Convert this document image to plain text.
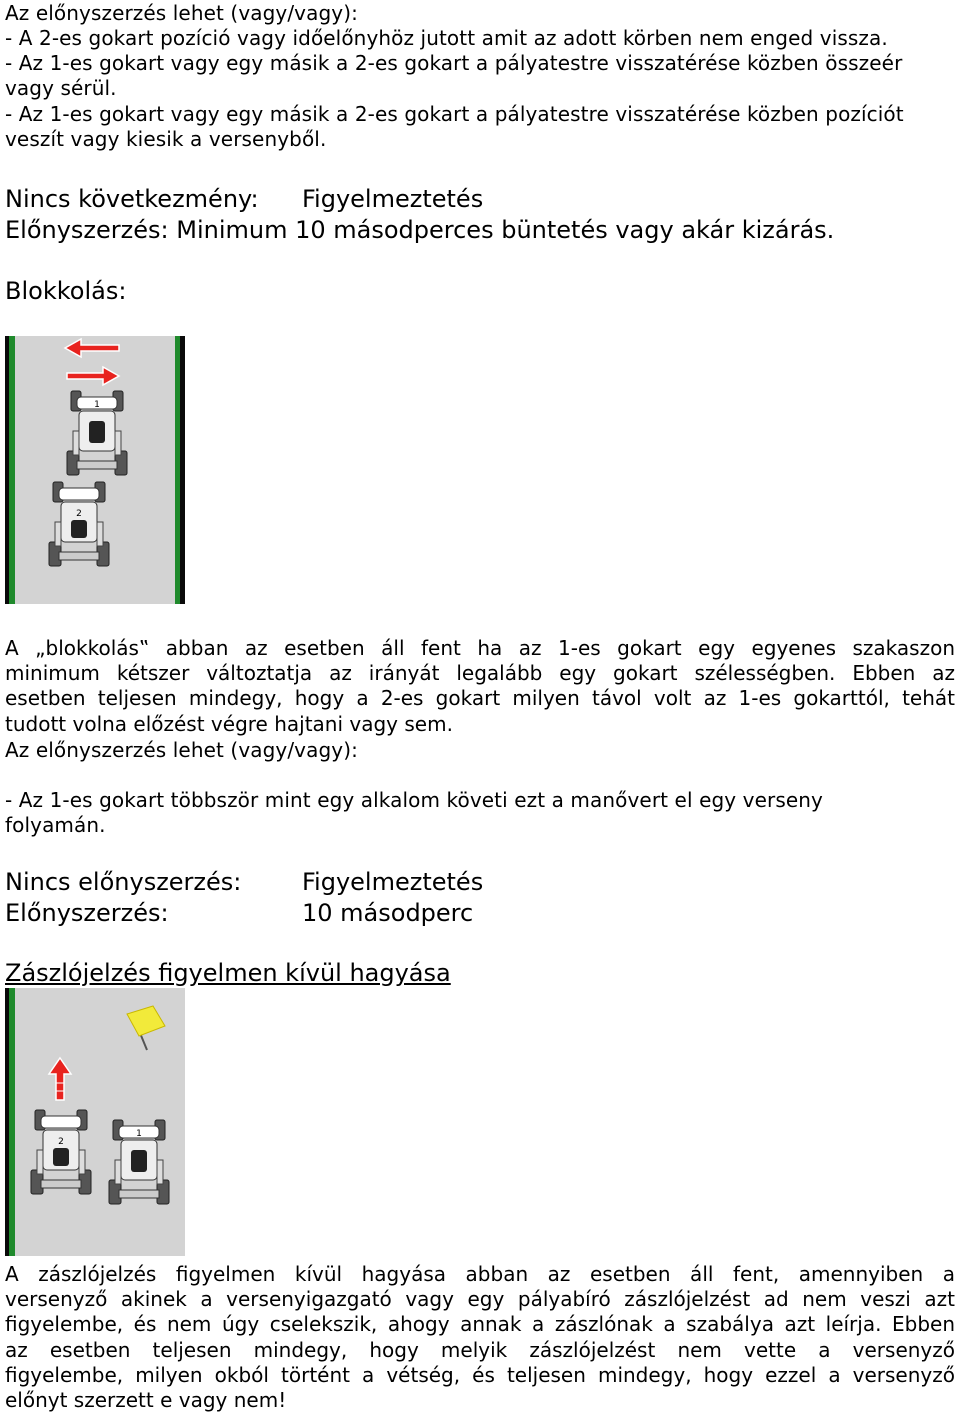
Az előnyszerzés lehet (vagy/vagy):
- A 2-es gokart pozíció vagy időelőnyhöz jutott amit az adott körben nem enged vissza.
- Az 1-es gokart vagy egy másik a 2-es gokart a pályatestre visszatérése közben összeér
vagy sérül.
- Az 1-es gokart vagy egy másik a 2-es gokart a pályatestre visszatérése közben pozíciót
veszít vagy kiesik a versenyből.
Nincs következmény: Figyelmeztetés
Előnyszerzés: Minimum 10 másodperces büntetés vagy akár kizárás.
Blokkolás:
1
2
A „blokkolás‟ abban az esetben áll fent ha az 1-es gokart egy egyenes szakaszon
minimum kétszer változtatja az irányát legalább egy gokart szélességben. Ebben az
esetben teljesen mindegy, hogy a 2-es gokart milyen távol volt az 1-es gokarttól, tehát
tudott volna előzést végre hajtani vagy sem.
Az előnyszerzés lehet (vagy/vagy):
- Az 1-es gokart többször mint egy alkalom követi ezt a manővert el egy verseny
folyamán.
Nincs előnyszerzés:	Figyelmeztetés
Előnyszerzés:	10 másodperc
Zászlójelzés figyelmen kívül hagyása
2
1
A zászlójelzés figyelmen kívül hagyása abban az esetben áll fent, amennyiben a
versenyző akinek a versenyigazgató vagy egy pályabíró zászlójelzést ad nem veszi azt
figyelembe, és nem úgy cselekszik, ahogy annak a zászlónak a szabálya azt leírja. Ebben
az esetben teljesen mindegy, hogy melyik zászlójelzést nem vette a versenyző
figyelembe, milyen okból történt a vétség, és teljesen mindegy, hogy ezzel a versenyző
előnyt szerzett e vagy nem!
